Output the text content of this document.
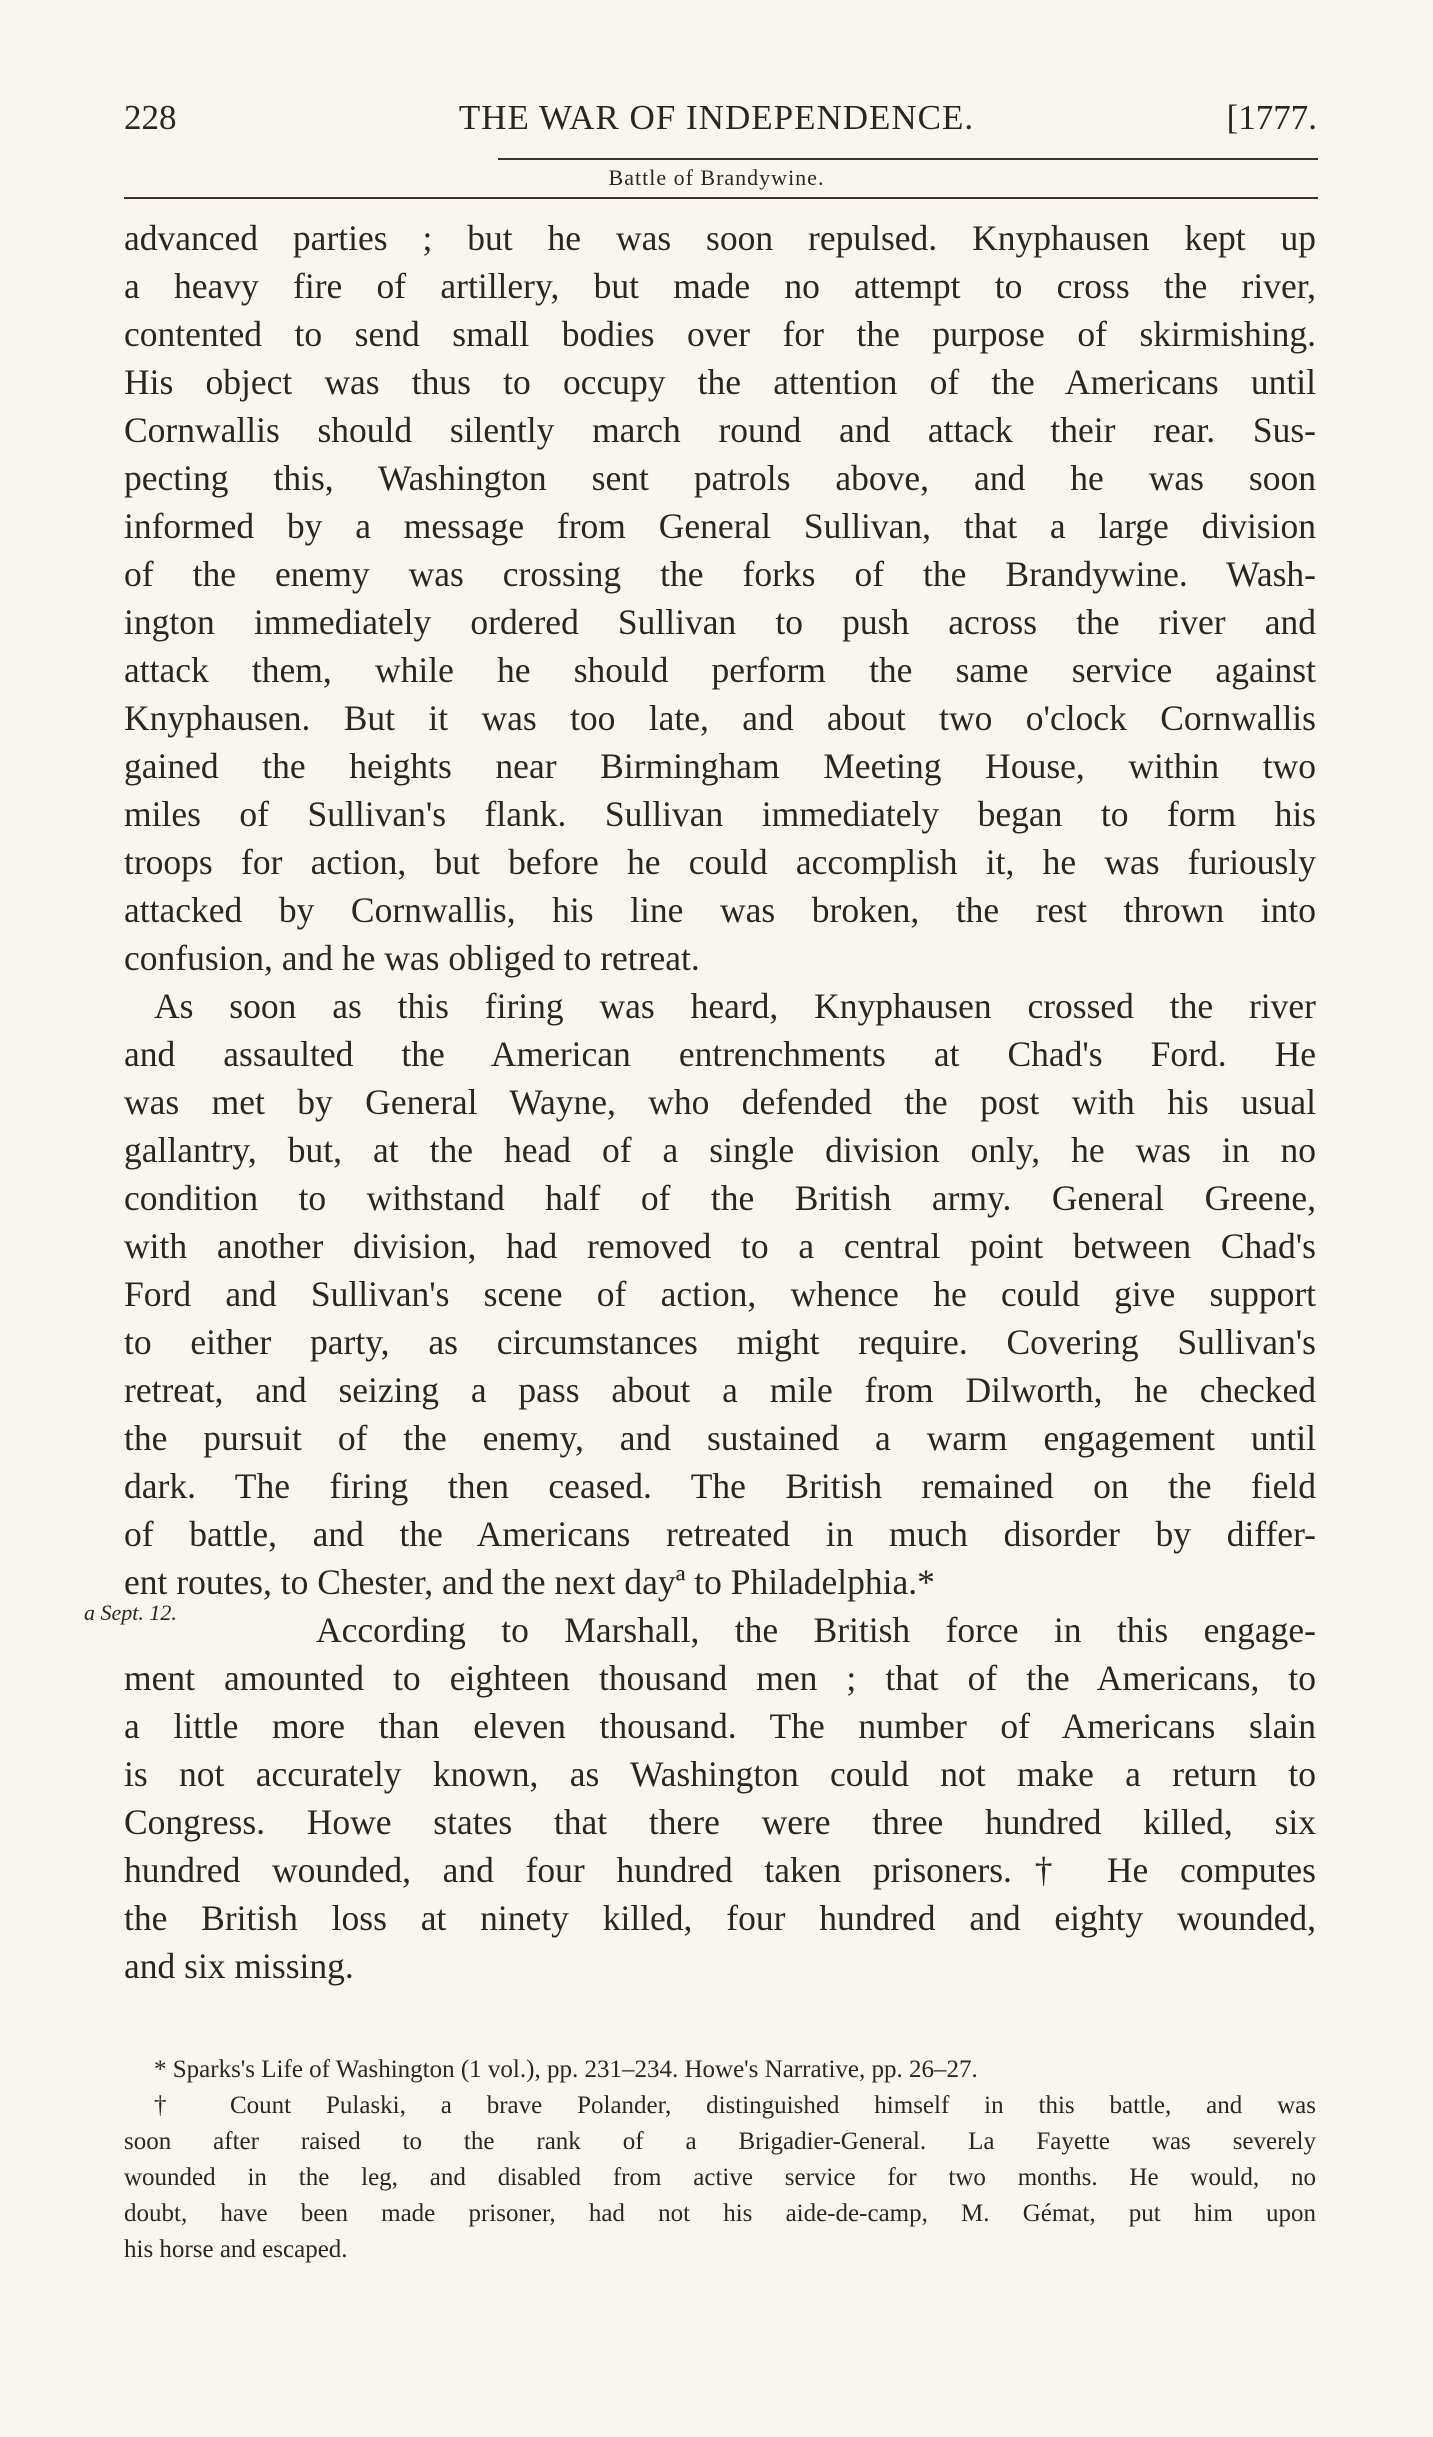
228	THE WAR OF INDEPENDENCE.	[1777.
Battle of Brandywine.
advanced parties ; but he was soon repulsed. Knyphausen kept up
a heavy fire of artillery, but made no attempt to cross the river,
contented to send small bodies over for the purpose of skirmishing.
His object was thus to occupy the attention of the Americans until
Cornwallis should silently march round and attack their rear. Sus-
pecting this, Washington sent patrols above, and he was soon
informed by a message from General Sullivan, that a large division
of the enemy was crossing the forks of the Brandywine. Wash-
ington immediately ordered Sullivan to push across the river and
attack them, while he should perform the same service against
Knyphausen. But it was too late, and about two o'clock Cornwallis
gained the heights near Birmingham Meeting House, within two
miles of Sullivan's flank. Sullivan immediately began to form his
troops for action, but before he could accomplish it, he was furiously
attacked by Cornwallis, his line was broken, the rest thrown into
confusion, and he was obliged to retreat.
As soon as this firing was heard, Knyphausen crossed the river
and assaulted the American entrenchments at Chad's Ford. He
was met by General Wayne, who defended the post with his usual
gallantry, but, at the head of a single division only, he was in no
condition to withstand half of the British army. General Greene,
with another division, had removed to a central point between Chad's
Ford and Sullivan's scene of action, whence he could give support
to either party, as circumstances might require. Covering Sullivan's
retreat, and seizing a pass about a mile from Dilworth, he checked
the pursuit of the enemy, and sustained a warm engagement until
dark. The firing then ceased. The British remained on the field
of battle, and the Americans retreated in much disorder by differ-
ent routes, to Chester, and the next dayª to Philadelphia.*
According to Marshall, the British force in this engage-
ment amounted to eighteen thousand men ; that of the Americans, to
a little more than eleven thousand. The number of Americans slain
is not accurately known, as Washington could not make a return to
Congress. Howe states that there were three hundred killed, six
hundred wounded, and four hundred taken prisoners.† He computes
the British loss at ninety killed, four hundred and eighty wounded,
and six missing.
a Sept. 12.
* Sparks's Life of Washington (1 vol.), pp. 231–234. Howe's Narrative, pp. 26–27.
† Count Pulaski, a brave Polander, distinguished himself in this battle, and was
soon after raised to the rank of a Brigadier-General. La Fayette was severely
wounded in the leg, and disabled from active service for two months. He would, no
doubt, have been made prisoner, had not his aide-de-camp, M. Gémat, put him upon
his horse and escaped.
